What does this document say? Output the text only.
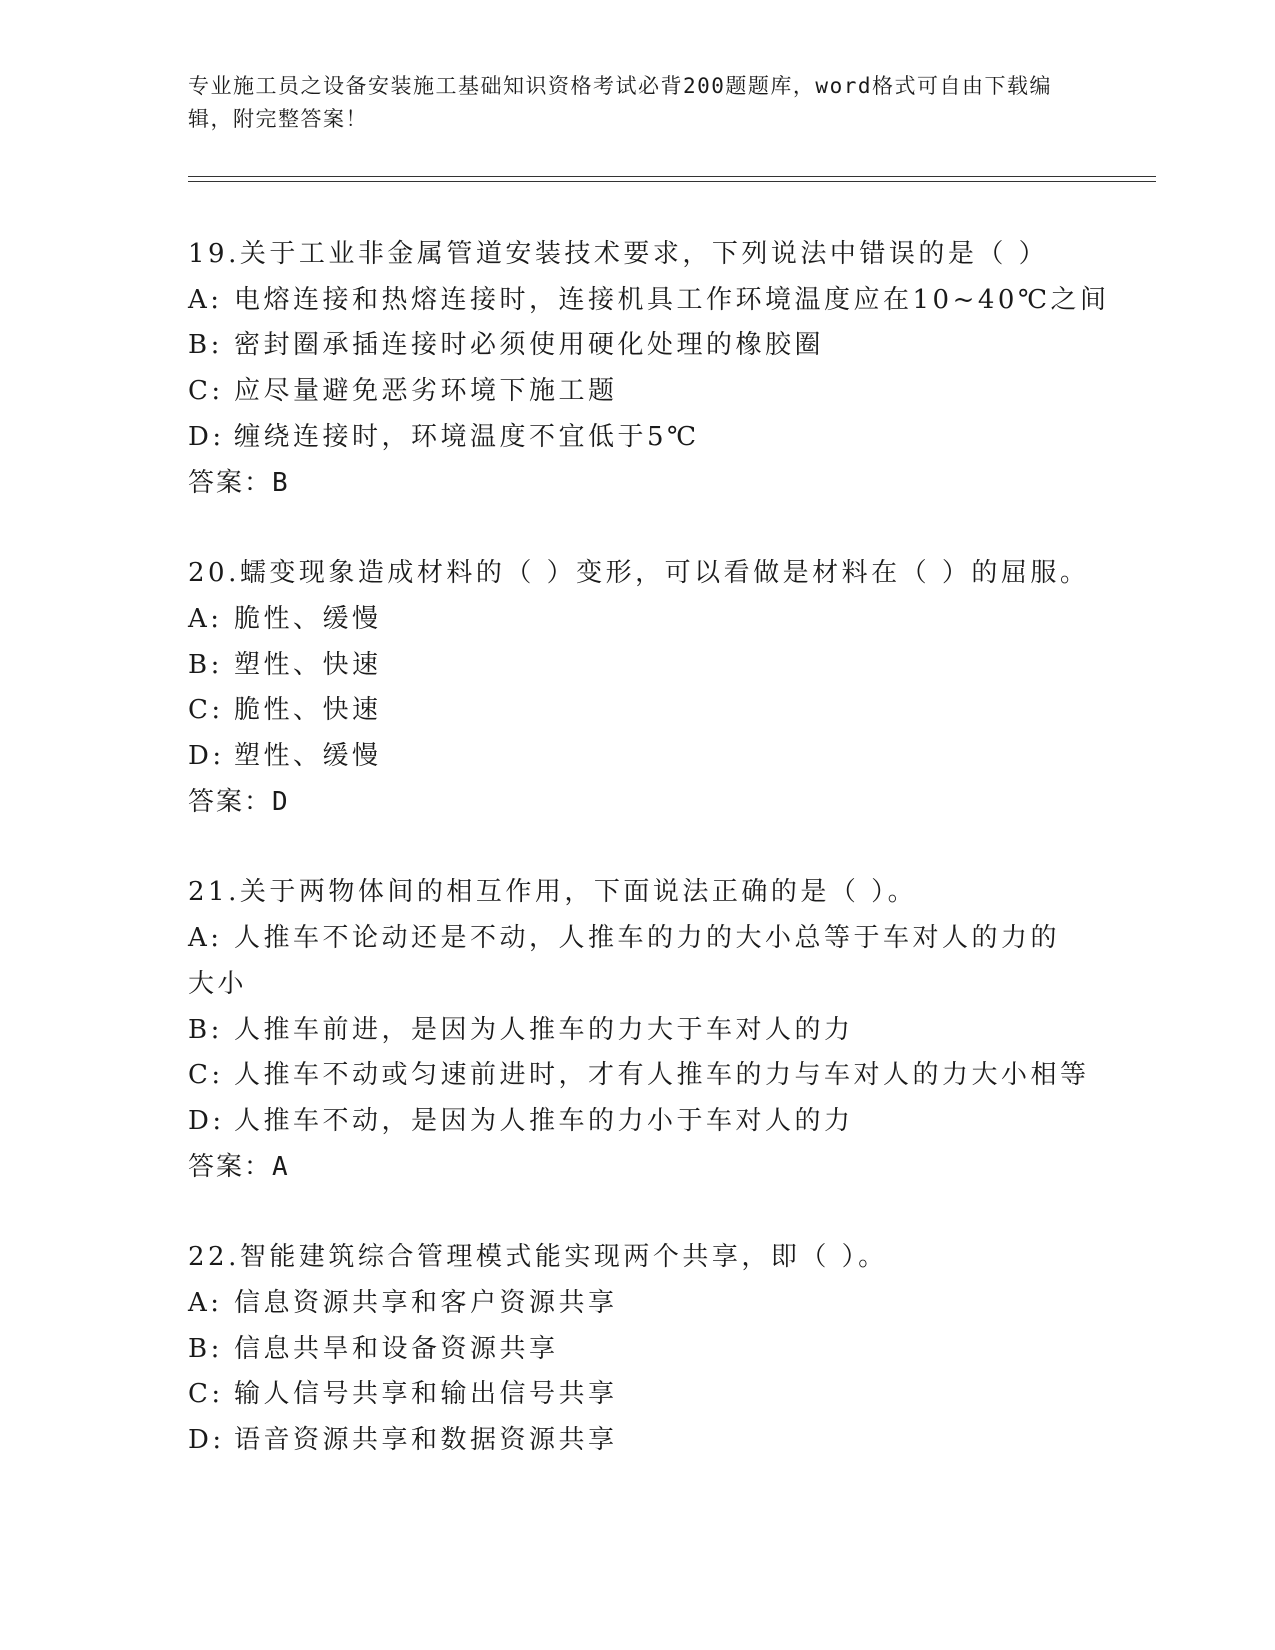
专业施工员之设备安装施工基础知识资格考试必背200题题库，word格式可自由下载编辑，附完整答案！
19.关于工业非金属管道安装技术要求，下列说法中错误的是（ ）
A: 电熔连接和热熔连接时，连接机具工作环境温度应在10~40℃之间
B: 密封圈承插连接时必须使用硬化处理的橡胶圈
C: 应尽量避免恶劣环境下施工题
D: 缠绕连接时，环境温度不宜低于5℃
答案：B
20.蠕变现象造成材料的（ ）变形，可以看做是材料在（ ）的屈服。
A: 脆性、缓慢
B: 塑性、快速
C: 脆性、快速
D: 塑性、缓慢
答案：D
21.关于两物体间的相互作用，下面说法正确的是（ ）。
A: 人推车不论动还是不动，人推车的力的大小总等于车对人的力的大小
B: 人推车前进，是因为人推车的力大于车对人的力
C: 人推车不动或匀速前进时，才有人推车的力与车对人的力大小相等
D: 人推车不动，是因为人推车的力小于车对人的力
答案：A
22.智能建筑综合管理模式能实现两个共享，即（ ）。
A: 信息资源共享和客户资源共享
B: 信息共旱和设备资源共享
C: 输人信号共享和输出信号共享
D: 语音资源共享和数据资源共享
